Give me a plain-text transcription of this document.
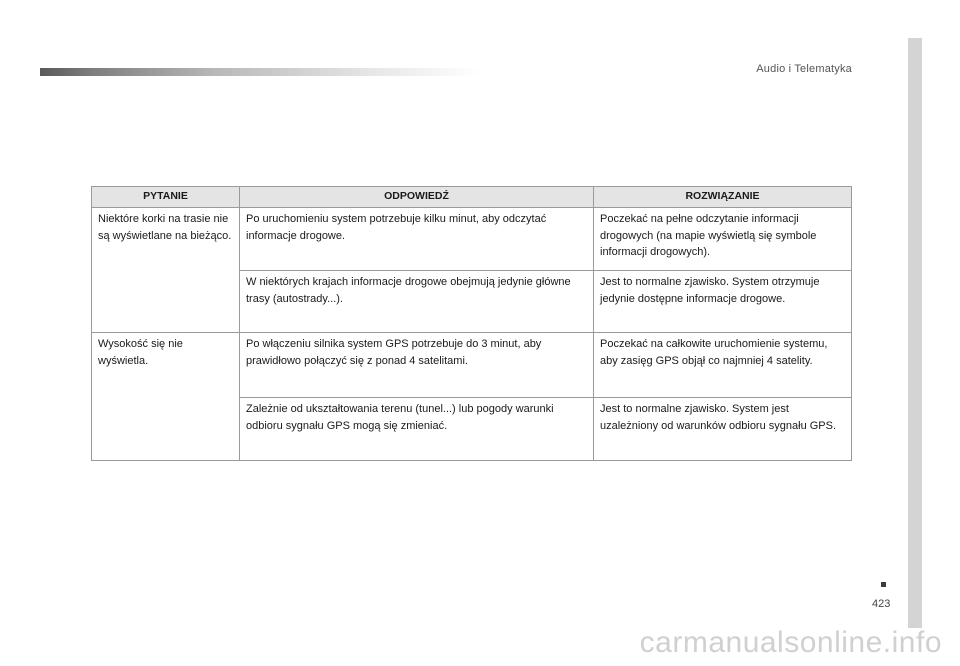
Audio i Telematyka
PYTANIE	ODPOWIEDŹ	ROZWIĄZANIE
Niektóre korki na trasie nie są wyświetlane na bieżąco.	Po uruchomieniu system potrzebuje kilku minut, aby odczytać informacje drogowe.	Poczekać na pełne odczytanie informacji drogowych (na mapie wyświetlą się symbole informacji drogowych).
	W niektórych krajach informacje drogowe obejmują jedynie główne trasy (autostrady...).	Jest to normalne zjawisko. System otrzymuje jedynie dostępne informacje drogowe.
Wysokość się nie wyświetla.	Po włączeniu silnika system GPS potrzebuje do 3 minut, aby prawidłowo połączyć się z ponad 4 satelitami.	Poczekać na całkowite uruchomienie systemu, aby zasięg GPS objął co najmniej 4 satelity.
	Zależnie od ukształtowania terenu (tunel...) lub pogody warunki odbioru sygnału GPS mogą się zmieniać.	Jest to normalne zjawisko. System jest uzależniony od warunków odbioru sygnału GPS.
423
carmanualsonline.info
